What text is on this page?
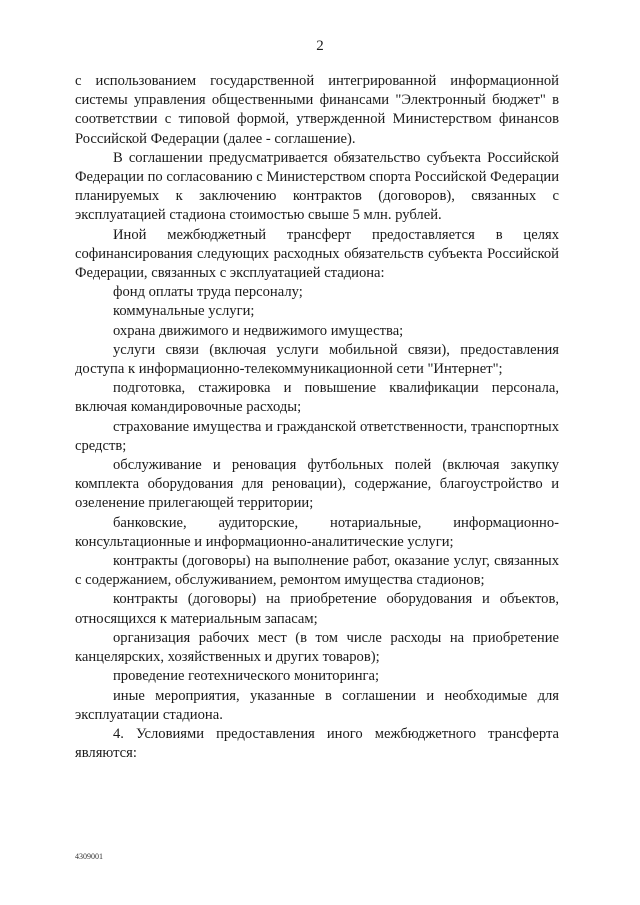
2

с использованием государственной интегрированной информационной системы управления общественными финансами "Электронный бюджет" в соответствии с типовой формой, утвержденной Министерством финансов Российской Федерации (далее - соглашение).

В соглашении предусматривается обязательство субъекта Российской Федерации по согласованию с Министерством спорта Российской Федерации планируемых к заключению контрактов (договоров), связанных с эксплуатацией стадиона стоимостью свыше 5 млн. рублей.

Иной межбюджетный трансферт предоставляется в целях софинансирования следующих расходных обязательств субъекта Российской Федерации, связанных с эксплуатацией стадиона:

фонд оплаты труда персоналу;

коммунальные услуги;

охрана движимого и недвижимого имущества;

услуги связи (включая услуги мобильной связи), предоставления доступа к информационно-телекоммуникационной сети "Интернет";

подготовка, стажировка и повышение квалификации персонала, включая командировочные расходы;

страхование имущества и гражданской ответственности, транспортных средств;

обслуживание и реновация футбольных полей (включая закупку комплекта оборудования для реновации), содержание, благоустройство и озеленение прилегающей территории;

банковские, аудиторские, нотариальные, информационно-консультационные и информационно-аналитические услуги;

контракты (договоры) на выполнение работ, оказание услуг, связанных с содержанием, обслуживанием, ремонтом имущества стадионов;

контракты (договоры) на приобретение оборудования и объектов, относящихся к материальным запасам;

организация рабочих мест (в том числе расходы на приобретение канцелярских, хозяйственных и других товаров);

проведение геотехнического мониторинга;

иные мероприятия, указанные в соглашении и необходимые для эксплуатации стадиона.

4. Условиями предоставления иного межбюджетного трансферта являются:

4309001
